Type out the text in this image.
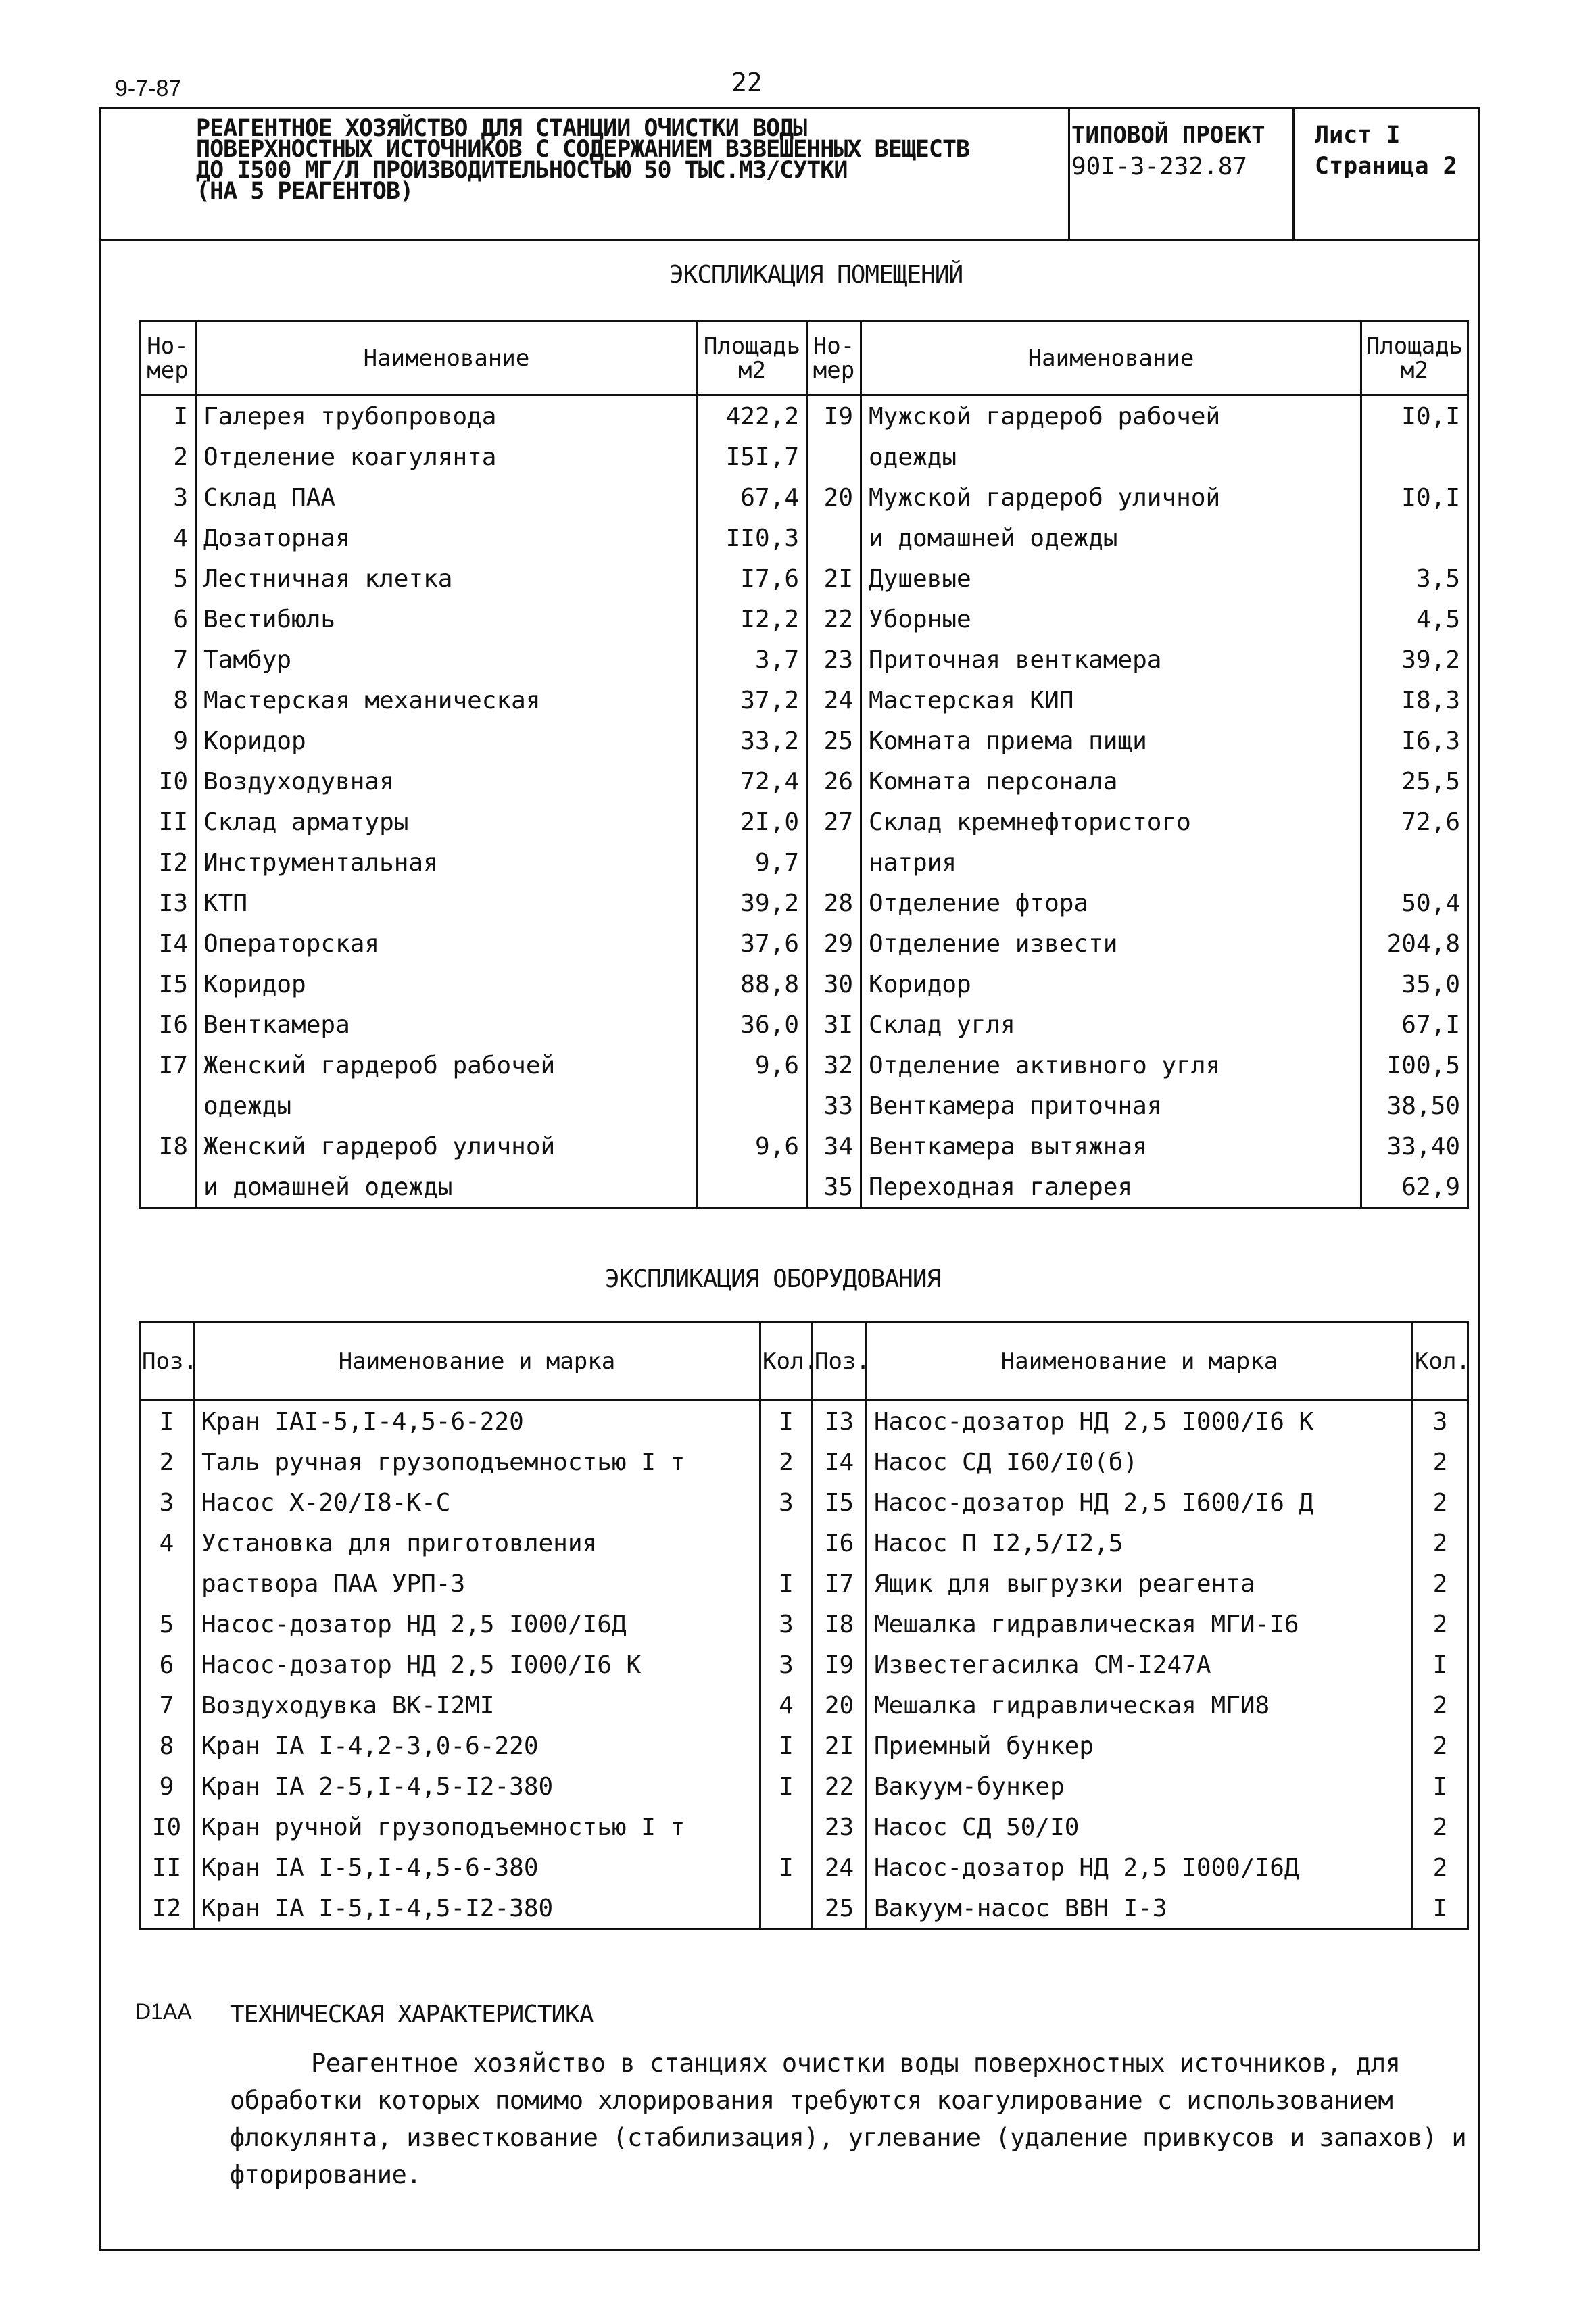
9-7-87	22
РЕАГЕНТНОЕ ХОЗЯЙСТВО ДЛЯ СТАНЦИИ ОЧИСТКИ ВОДЫ
ПОВЕРХНОСТНЫХ ИСТОЧНИКОВ С СОДЕРЖАНИЕМ ВЗВЕШЕННЫХ ВЕЩЕСТВ
ДО I500 МГ/Л ПРОИЗВОДИТЕЛЬНОСТЬЮ 50 ТЫС.М3/СУТКИ
(НА 5 РЕАГЕНТОВ)
ТИПОВОЙ ПРОЕКТ
90I-3-232.87
Лист I
Страница 2
ЭКСПЛИКАЦИЯ ПОМЕЩЕНИЙ
Но-мер	Наименование	Площадь м2	Но-мер	Наименование	Площадь м2
I	Галерея трубопровода	422,2	I9	Мужской гардероб рабочей	I0,I
2	Отделение коагулянта	I5I,7		одежды	
3	Склад ПАА	67,4	20	Мужской гардероб уличной	I0,I
4	Дозаторная	II0,3		и домашней одежды	
5	Лестничная клетка	I7,6	2I	Душевые	3,5
6	Вестибюль	I2,2	22	Уборные	4,5
7	Тамбур	3,7	23	Приточная венткамера	39,2
8	Мастерская механическая	37,2	24	Мастерская КИП	I8,3
9	Коридор	33,2	25	Комната приема пищи	I6,3
I0	Воздуходувная	72,4	26	Комната персонала	25,5
II	Склад арматуры	2I,0	27	Склад кремнефтористого	72,6
I2	Инструментальная	9,7		натрия	
I3	КТП	39,2	28	Отделение фтора	50,4
I4	Операторская	37,6	29	Отделение извести	204,8
I5	Коридор	88,8	30	Коридор	35,0
I6	Венткамера	36,0	3I	Склад угля	67,I
I7	Женский гардероб рабочей	9,6	32	Отделение активного угля	I00,5
	одежды		33	Венткамера приточная	38,50
I8	Женский гардероб уличной	9,6	34	Венткамера вытяжная	33,40
	и домашней одежды		35	Переходная галерея	62,9
ЭКСПЛИКАЦИЯ ОБОРУДОВАНИЯ
Поз.	Наименование и марка	Кол.	Поз.	Наименование и марка	Кол.
I	Кран IAI-5,I-4,5-6-220	I	I3	Насос-дозатор НД 2,5 I000/I6 К	3
2	Таль ручная грузоподъемностью I т	2	I4	Насос СД I60/I0(б)	2
3	Насос Х-20/I8-К-С	3	I5	Насос-дозатор НД 2,5 I600/I6 Д	2
4	Установка для приготовления		I6	Насос П I2,5/I2,5	2
	раствора ПАА УРП-3	I	I7	Ящик для выгрузки реагента	2
5	Насос-дозатор НД 2,5 I000/I6Д	3	I8	Мешалка гидравлическая МГИ-I6	2
6	Насос-дозатор НД 2,5 I000/I6 К	3	I9	Известегасилка СМ-I247А	I
7	Воздуходувка ВК-I2МI	4	20	Мешалка гидравлическая МГИ8	2
8	Кран IA I-4,2-3,0-6-220	I	2I	Приемный бункер	2
9	Кран IA 2-5,I-4,5-I2-380	I	22	Вакуум-бункер	I
I0	Кран ручной грузоподъемностью I т		23	Насос СД 50/I0	2
II	Кран IA I-5,I-4,5-6-380	I	24	Насос-дозатор НД 2,5 I000/I6Д	2
I2	Кран IA I-5,I-4,5-I2-380		25	Вакуум-насос ВВН I-3	I
D1AA ТЕХНИЧЕСКАЯ ХАРАКТЕРИСТИКА
Реагентное хозяйство в станциях очистки воды поверхностных источников, для обработки которых помимо хлорирования требуются коагулирование с использованием флокулянта, известкование (стабилизация), углевание (удаление привкусов и запахов) и фторирование.
